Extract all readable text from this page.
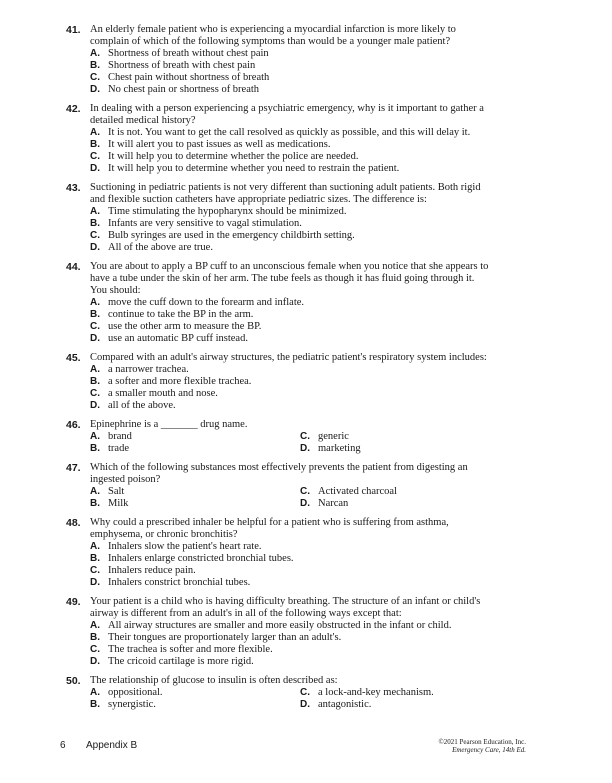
41. An elderly female patient who is experiencing a myocardial infarction is more likely to complain of which of the following symptoms than would be a younger male patient?
A. Shortness of breath without chest pain
B. Shortness of breath with chest pain
C. Chest pain without shortness of breath
D. No chest pain or shortness of breath
42. In dealing with a person experiencing a psychiatric emergency, why is it important to gather a detailed medical history?
A. It is not. You want to get the call resolved as quickly as possible, and this will delay it.
B. It will alert you to past issues as well as medications.
C. It will help you to determine whether the police are needed.
D. It will help you to determine whether you need to restrain the patient.
43. Suctioning in pediatric patients is not very different than suctioning adult patients. Both rigid and flexible suction catheters have appropriate pediatric sizes. The difference is:
A. Time stimulating the hypopharynx should be minimized.
B. Infants are very sensitive to vagal stimulation.
C. Bulb syringes are used in the emergency childbirth setting.
D. All of the above are true.
44. You are about to apply a BP cuff to an unconscious female when you notice that she appears to have a tube under the skin of her arm. The tube feels as though it has fluid going through it. You should:
A. move the cuff down to the forearm and inflate.
B. continue to take the BP in the arm.
C. use the other arm to measure the BP.
D. use an automatic BP cuff instead.
45. Compared with an adult's airway structures, the pediatric patient's respiratory system includes:
A. a narrower trachea.
B. a softer and more flexible trachea.
C. a smaller mouth and nose.
D. all of the above.
46. Epinephrine is a _______ drug name.
A. brand	C. generic
B. trade	D. marketing
47. Which of the following substances most effectively prevents the patient from digesting an ingested poison?
A. Salt	C. Activated charcoal
B. Milk	D. Narcan
48. Why could a prescribed inhaler be helpful for a patient who is suffering from asthma, emphysema, or chronic bronchitis?
A. Inhalers slow the patient's heart rate.
B. Inhalers enlarge constricted bronchial tubes.
C. Inhalers reduce pain.
D. Inhalers constrict bronchial tubes.
49. Your patient is a child who is having difficulty breathing. The structure of an infant or child's airway is different from an adult's in all of the following ways except that:
A. All airway structures are smaller and more easily obstructed in the infant or child.
B. Their tongues are proportionately larger than an adult's.
C. The trachea is softer and more flexible.
D. The cricoid cartilage is more rigid.
50. The relationship of glucose to insulin is often described as:
A. oppositional.	C. a lock-and-key mechanism.
B. synergistic.	D. antagonistic.
6 Appendix B	©2021 Pearson Education, Inc.
Emergency Care, 14th Ed.
